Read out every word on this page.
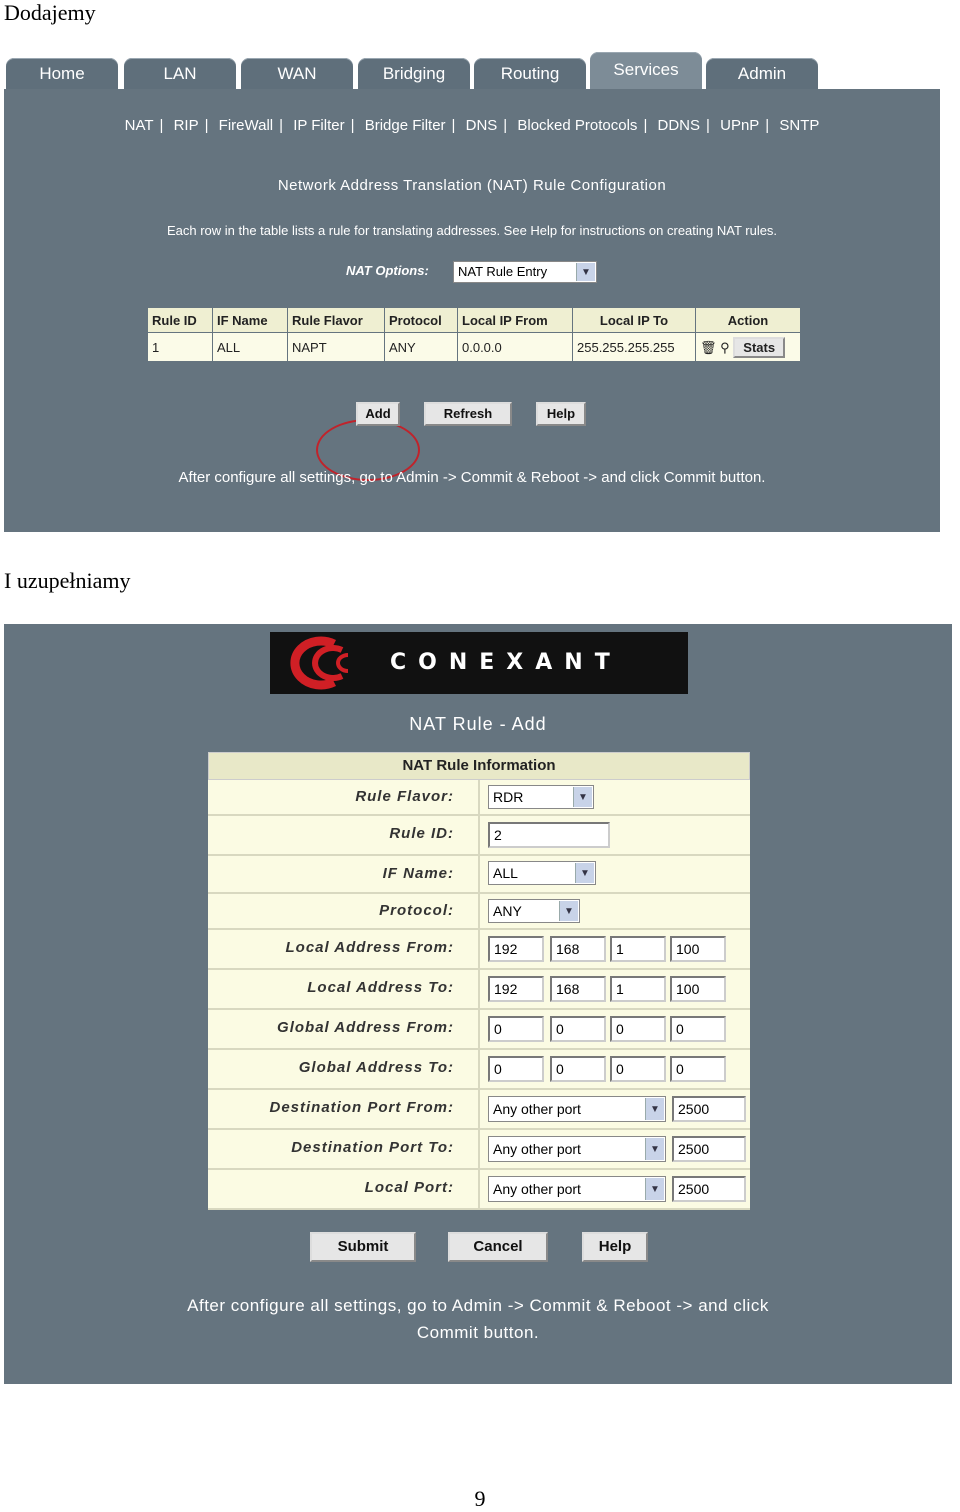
Dodajemy
Home	LAN	WAN	Bridging	Routing	Services	Admin
NAT | RIP | FireWall | IP Filter | Bridge Filter | DNS | Blocked Protocols | DDNS | UPnP | SNTP
Network Address Translation (NAT) Rule Configuration
Each row in the table lists a rule for translating addresses. See Help for instructions on creating NAT rules.
NAT Options:	NAT Rule Entry	▼
Rule ID	IF Name	Rule Flavor	Protocol	Local IP From	Local IP To	Action
1	ALL	NAPT	ANY	0.0.0.0	255.255.255.255	🗑 ⚲ Stats
Add	Refresh	Help
After configure all settings, go to Admin -> Commit & Reboot -> and click Commit button.
I uzupełniamy
CONEXANT
NAT Rule - Add
NAT Rule Information
Rule Flavor:	RDR	▼
Rule ID:	2
IF Name:	ALL	▼
Protocol:	ANY	▼
Local Address From:	192	168	1	100
Local Address To:	192	168	1	100
Global Address From:	0	0	0	0
Global Address To:	0	0	0	0
Destination Port From:	Any other port	▼	2500
Destination Port To:	Any other port	▼	2500
Local Port:	Any other port	▼	2500
Submit	Cancel	Help
After configure all settings, go to Admin -> Commit & Reboot -> and click
Commit button.
9
